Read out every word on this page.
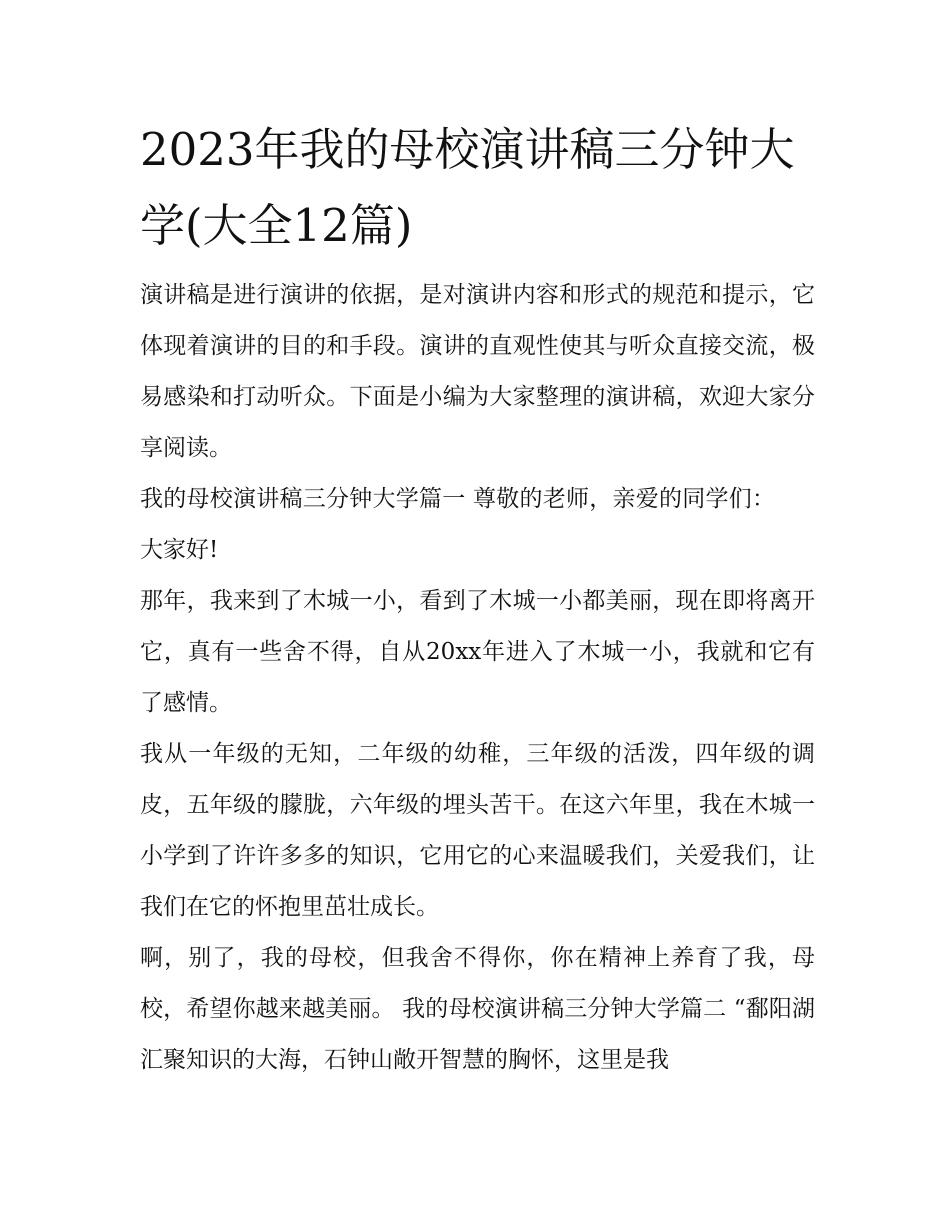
2023年我的母校演讲稿三分钟大学(大全12篇)

演讲稿是进行演讲的依据，是对演讲内容和形式的规范和提示，它体现着演讲的目的和手段。演讲的直观性使其与听众直接交流，极易感染和打动听众。下面是小编为大家整理的演讲稿，欢迎大家分享阅读。

我的母校演讲稿三分钟大学篇一 尊敬的老师，亲爱的同学们： 大家好!

那年，我来到了木城一小，看到了木城一小都美丽，现在即将离开它，真有一些舍不得，自从20xx年进入了木城一小，我就和它有了感情。

我从一年级的无知，二年级的幼稚，三年级的活泼，四年级的调皮，五年级的朦胧，六年级的埋头苦干。在这六年里，我在木城一小学到了许许多多的知识，它用它的心来温暖我们，关爱我们，让我们在它的怀抱里茁壮成长。

啊，别了，我的母校，但我舍不得你，你在精神上养育了我，母校，希望你越来越美丽。 我的母校演讲稿三分钟大学篇二 “鄱阳湖汇聚知识的大海，石钟山敞开智慧的胸怀，这里是我
